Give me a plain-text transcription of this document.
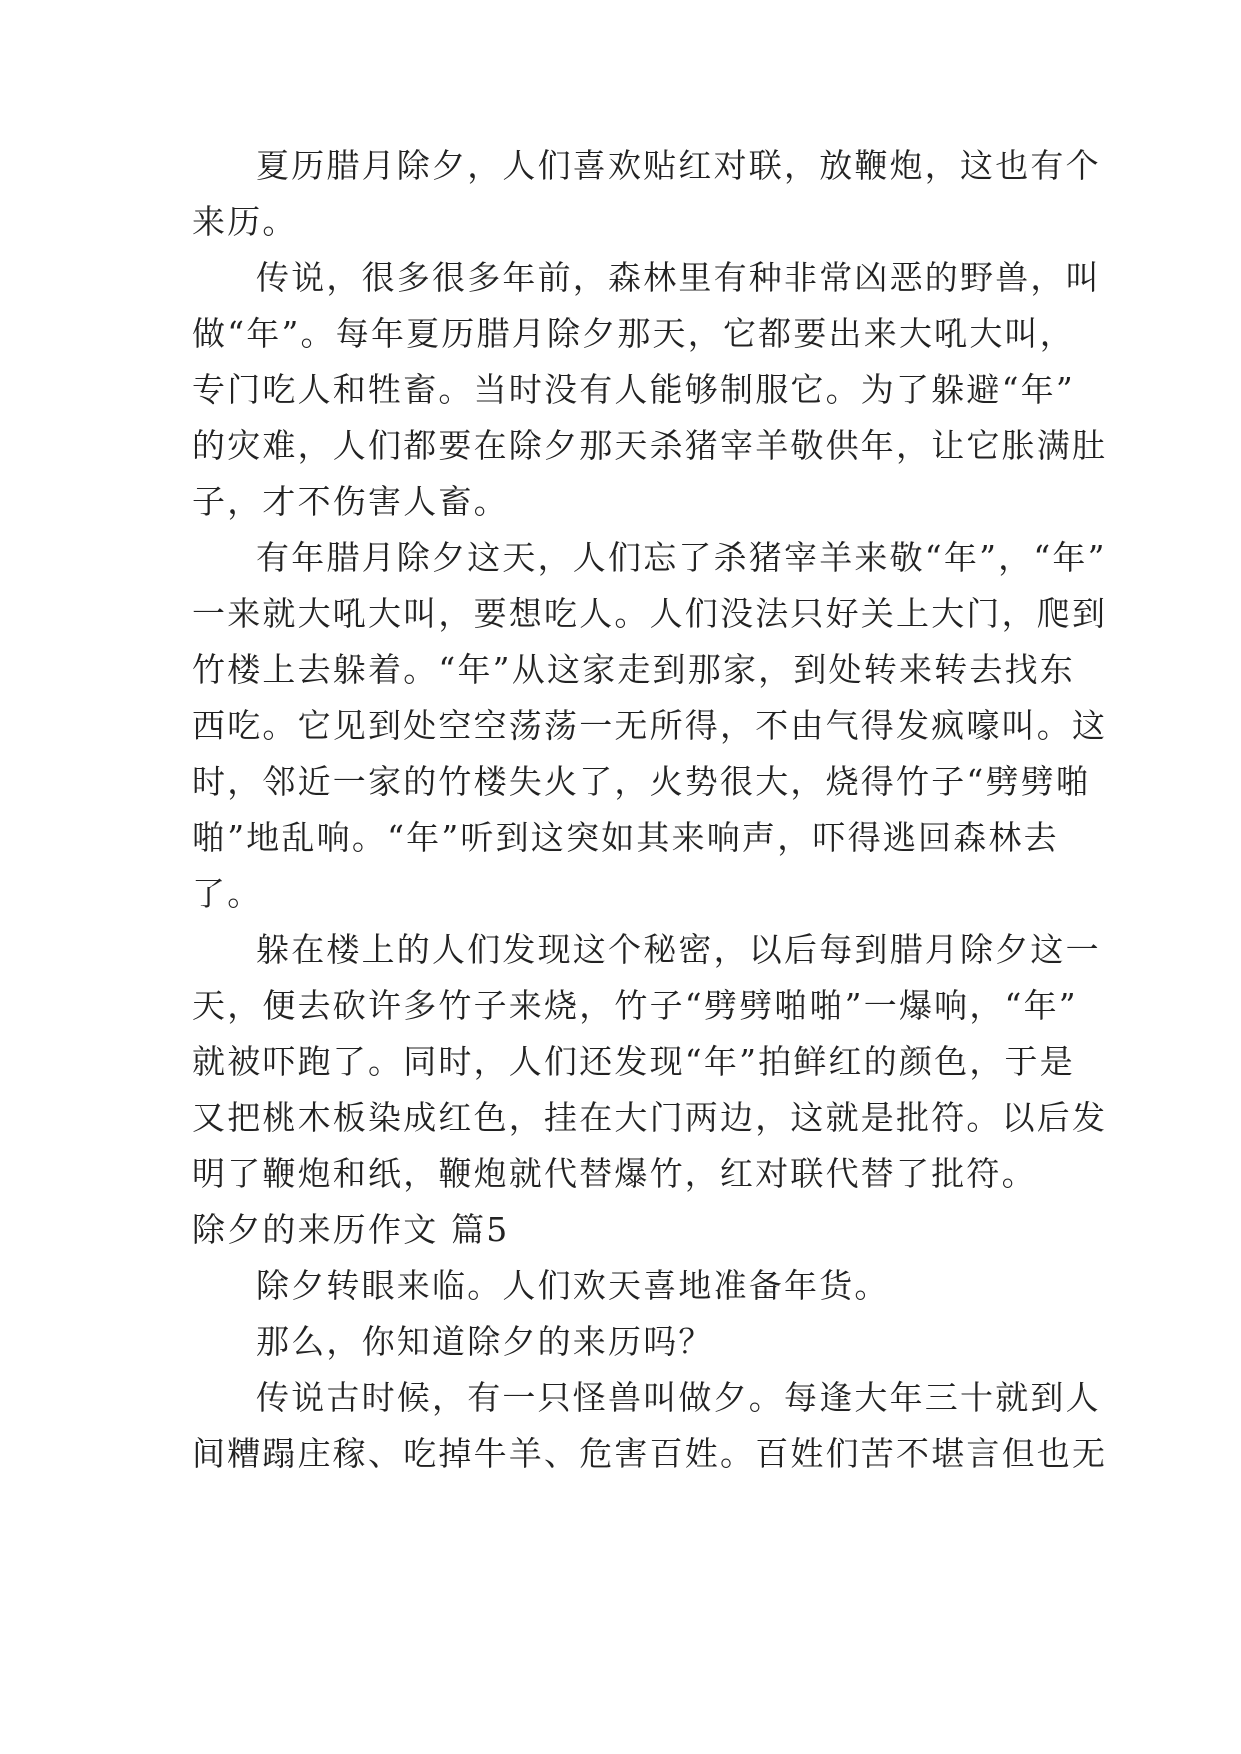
夏历腊月除夕，人们喜欢贴红对联，放鞭炮，这也有个
来历。
传说，很多很多年前，森林里有种非常凶恶的野兽，叫
做“年”。每年夏历腊月除夕那天，它都要出来大吼大叫，
专门吃人和牲畜。当时没有人能够制服它。为了躲避“年”
的灾难，人们都要在除夕那天杀猪宰羊敬供年，让它胀满肚
子，才不伤害人畜。
有年腊月除夕这天，人们忘了杀猪宰羊来敬“年”，“年”
一来就大吼大叫，要想吃人。人们没法只好关上大门，爬到
竹楼上去躲着。“年”从这家走到那家，到处转来转去找东
西吃。它见到处空空荡荡一无所得，不由气得发疯嚎叫。这
时，邻近一家的竹楼失火了，火势很大，烧得竹子“劈劈啪
啪”地乱响。“年”听到这突如其来响声，吓得逃回森林去
了。
躲在楼上的人们发现这个秘密，以后每到腊月除夕这一
天，便去砍许多竹子来烧，竹子“劈劈啪啪”一爆响，“年”
就被吓跑了。同时，人们还发现“年”拍鲜红的颜色，于是
又把桃木板染成红色，挂在大门两边，这就是批符。以后发
明了鞭炮和纸，鞭炮就代替爆竹，红对联代替了批符。
除夕的来历作文 篇5
除夕转眼来临。人们欢天喜地准备年货。
那么，你知道除夕的来历吗？
传说古时候，有一只怪兽叫做夕。每逢大年三十就到人
间糟蹋庄稼、吃掉牛羊、危害百姓。百姓们苦不堪言但也无
